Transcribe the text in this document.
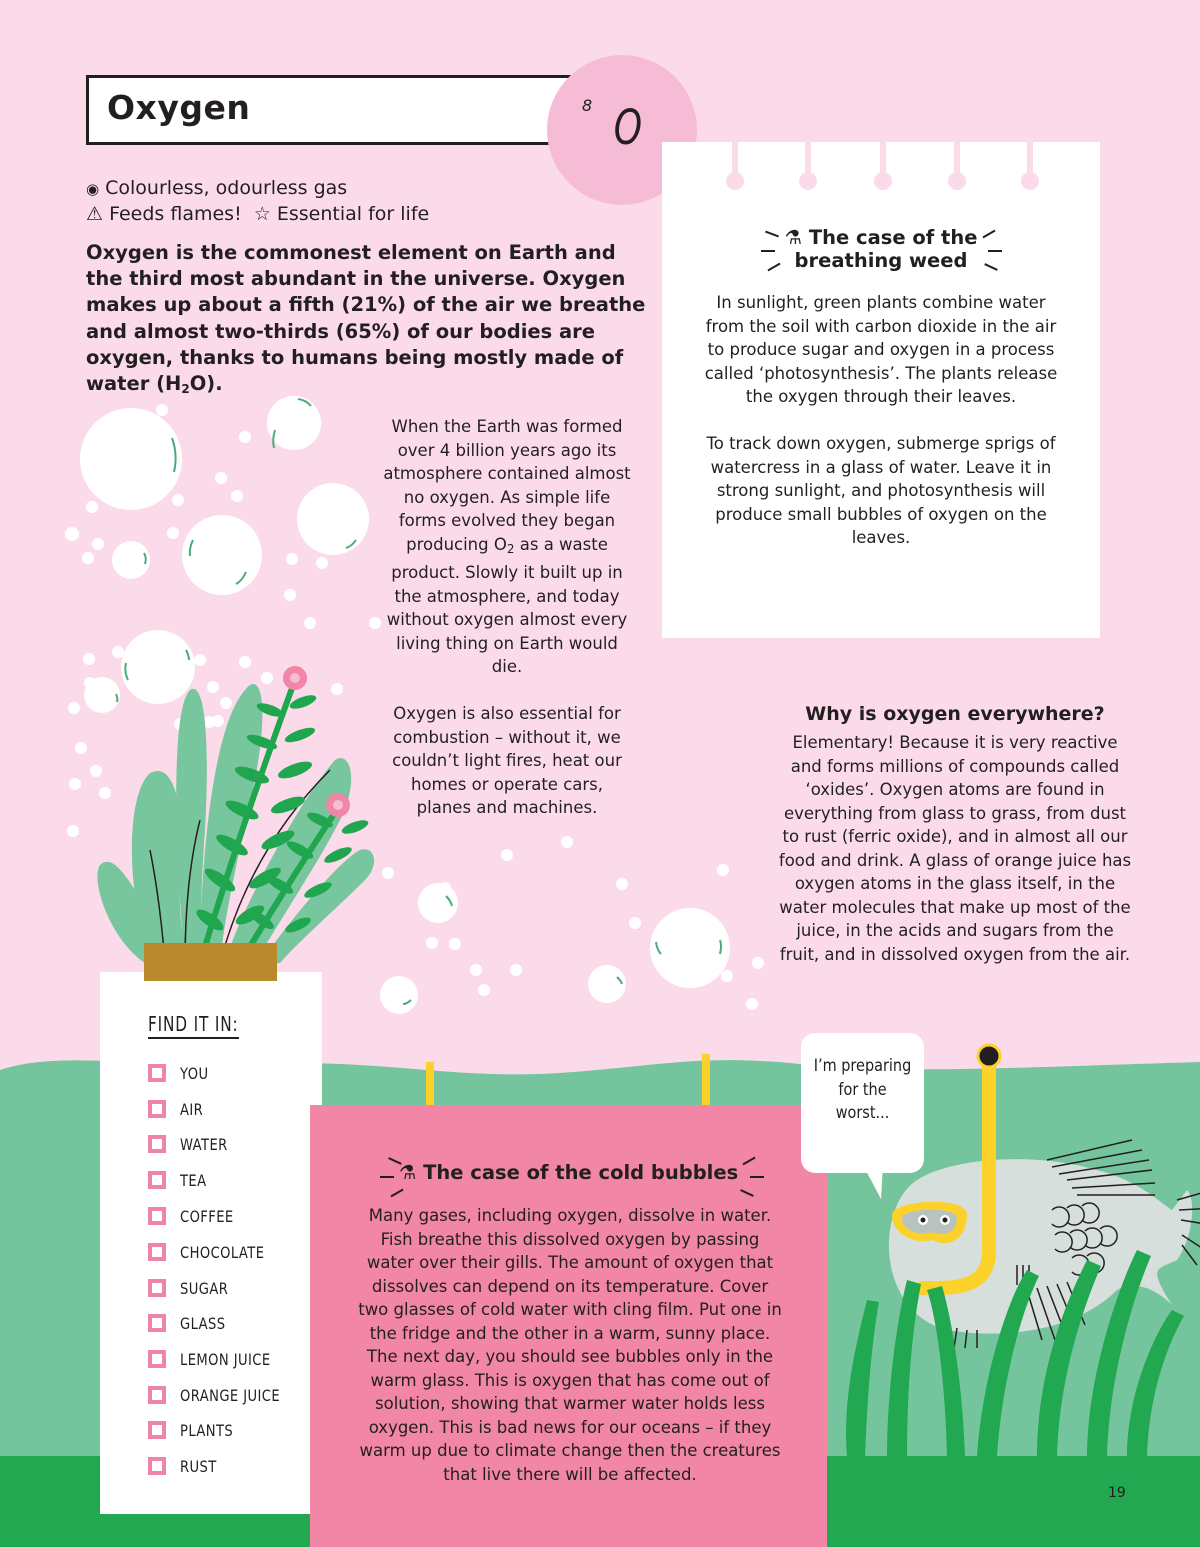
Oxygen	8 O
◉ Colourless, odourless gas
⚠ Feeds flames! ☆ Essential for life
Oxygen is the commonest element on Earth and the third most abundant in the universe. Oxygen makes up about a fifth (21%) of the air we breathe and almost two-thirds (65%) of our bodies are oxygen, thanks to humans being mostly made of water $(H_2O)$.

When the Earth was formed over 4 billion years ago its atmosphere contained almost no oxygen. As simple life forms evolved they began producing $O_2$ as a waste product. Slowly it built up in the atmosphere, and today without oxygen almost every living thing on Earth would die.

Oxygen is also essential for combustion – without it, we couldn’t light fires, heat our homes or operate cars, planes and machines.

⚗ The case of the
breathing weed

In sunlight, green plants combine water from the soil with carbon dioxide in the air to produce sugar and oxygen in a process called ‘photosynthesis’. The plants release the oxygen through their leaves.

To track down oxygen, submerge sprigs of watercress in a glass of water. Leave it in strong sunlight, and photosynthesis will produce small bubbles of oxygen on the leaves.

Why is oxygen everywhere?
Elementary! Because it is very reactive and forms millions of compounds called ‘oxides’. Oxygen atoms are found in everything from glass to grass, from dust to rust (ferric oxide), and in almost all our food and drink. A glass of orange juice has oxygen atoms in the glass itself, in the water molecules that make up most of the juice, in the acids and sugars from the fruit, and in dissolved oxygen from the air.
FIND IT IN:
YOU
AIR
WATER
TEA
COFFEE
CHOCOLATE
SUGAR
GLASS
LEMON JUICE
ORANGE JUICE
PLANTS
RUST
⚗ The case of the cold bubbles
Many gases, including oxygen, dissolve in water. Fish breathe this dissolved oxygen by passing water over their gills. The amount of oxygen that dissolves can depend on its temperature. Cover two glasses of cold water with cling film. Put one in the fridge and the other in a warm, sunny place. The next day, you should see bubbles only in the warm glass. This is oxygen that has come out of solution, showing that warmer water holds less oxygen. This is bad news for our oceans – if they warm up due to climate change then the creatures that live there will be affected.
I’m preparing for the worst...
19
